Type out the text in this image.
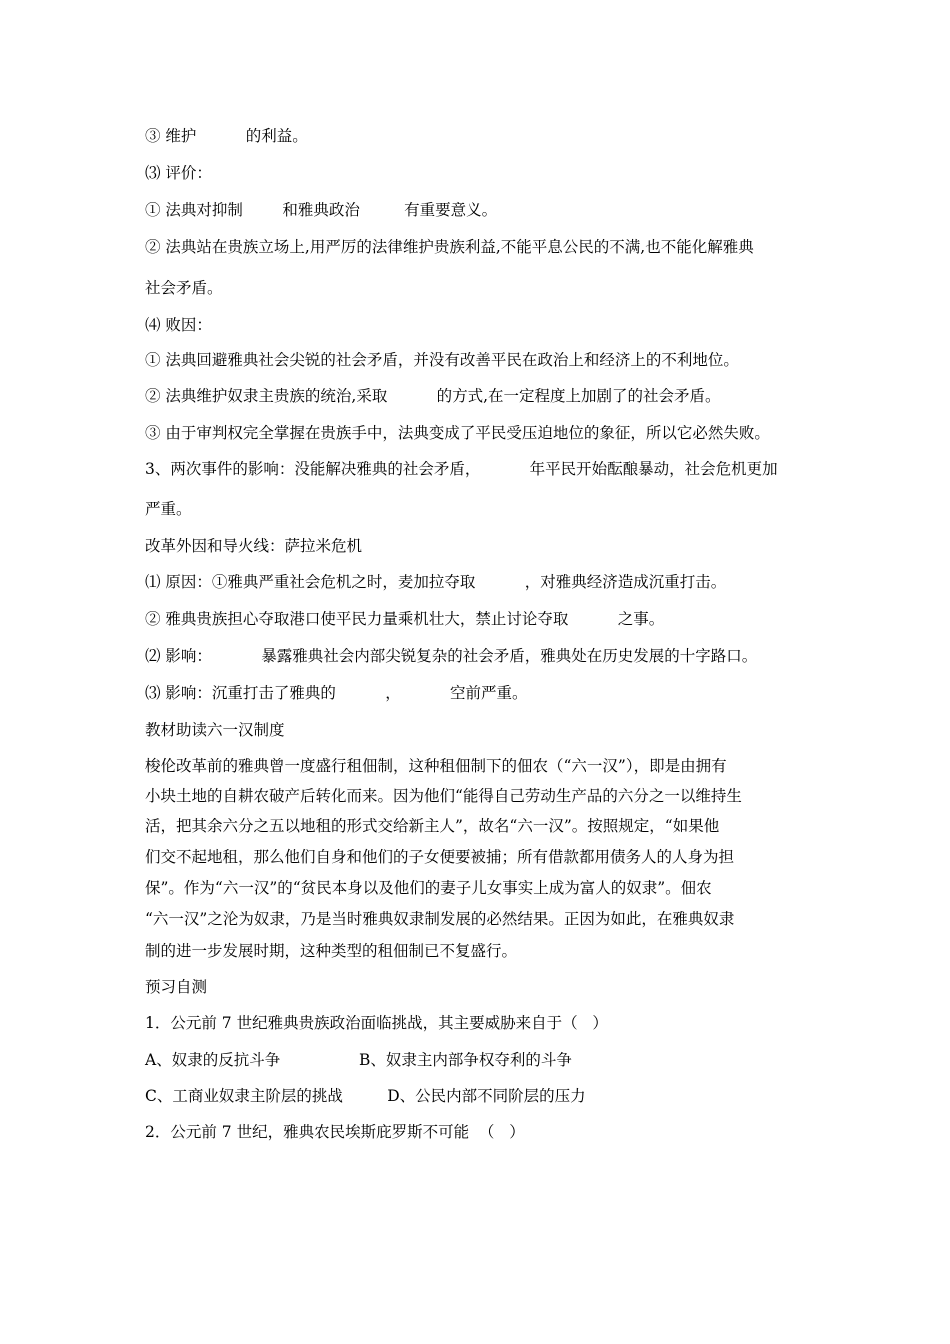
③ 维护          的利益。

⑶ 评价：

① 法典对抑制        和雅典政治         有重要意义。

② 法典站在贵族立场上,用严厉的法律维护贵族利益,不能平息公民的不满,也不能化解雅典

社会矛盾。

⑷ 败因：

① 法典回避雅典社会尖锐的社会矛盾，并没有改善平民在政治上和经济上的不利地位。

② 法典维护奴隶主贵族的统治,采取          的方式,在一定程度上加剧了的社会矛盾。

③ 由于审判权完全掌握在贵族手中，法典变成了平民受压迫地位的象征，所以它必然失败。

3、两次事件的影响：没能解决雅典的社会矛盾，          年平民开始酝酿暴动，社会危机更加

严重。

改革外因和导火线：萨拉米危机

⑴ 原因：①雅典严重社会危机之时，麦加拉夺取          ，对雅典经济造成沉重打击。

② 雅典贵族担心夺取港口使平民力量乘机壮大，禁止讨论夺取          之事。

⑵ 影响：          暴露雅典社会内部尖锐复杂的社会矛盾，雅典处在历史发展的十字路口。

⑶ 影响：沉重打击了雅典的          ，          空前严重。

教材助读六一汉制度

梭伦改革前的雅典曾一度盛行租佃制，这种租佃制下的佃农（“六一汉”），即是由拥有

小块土地的自耕农破产后转化而来。因为他们“能得自己劳动生产品的六分之一以维持生

活，把其余六分之五以地租的形式交给新主人”，故名“六一汉”。按照规定，“如果他

们交不起地租，那么他们自身和他们的子女便要被捕；所有借款都用债务人的人身为担

保”。作为“六一汉”的“贫民本身以及他们的妻子儿女事实上成为富人的奴隶”。佃农

“六一汉”之沦为奴隶，乃是当时雅典奴隶制发展的必然结果。正因为如此，在雅典奴隶

制的进一步发展时期，这种类型的租佃制已不复盛行。

预习自测

1．公元前 7 世纪雅典贵族政治面临挑战，其主要威胁来自于（   ）

A、奴隶的反抗斗争                B、奴隶主内部争权夺利的斗争

C、工商业奴隶主阶层的挑战         D、公民内部不同阶层的压力

2．公元前 7 世纪，雅典农民埃斯庇罗斯不可能  （   ）
